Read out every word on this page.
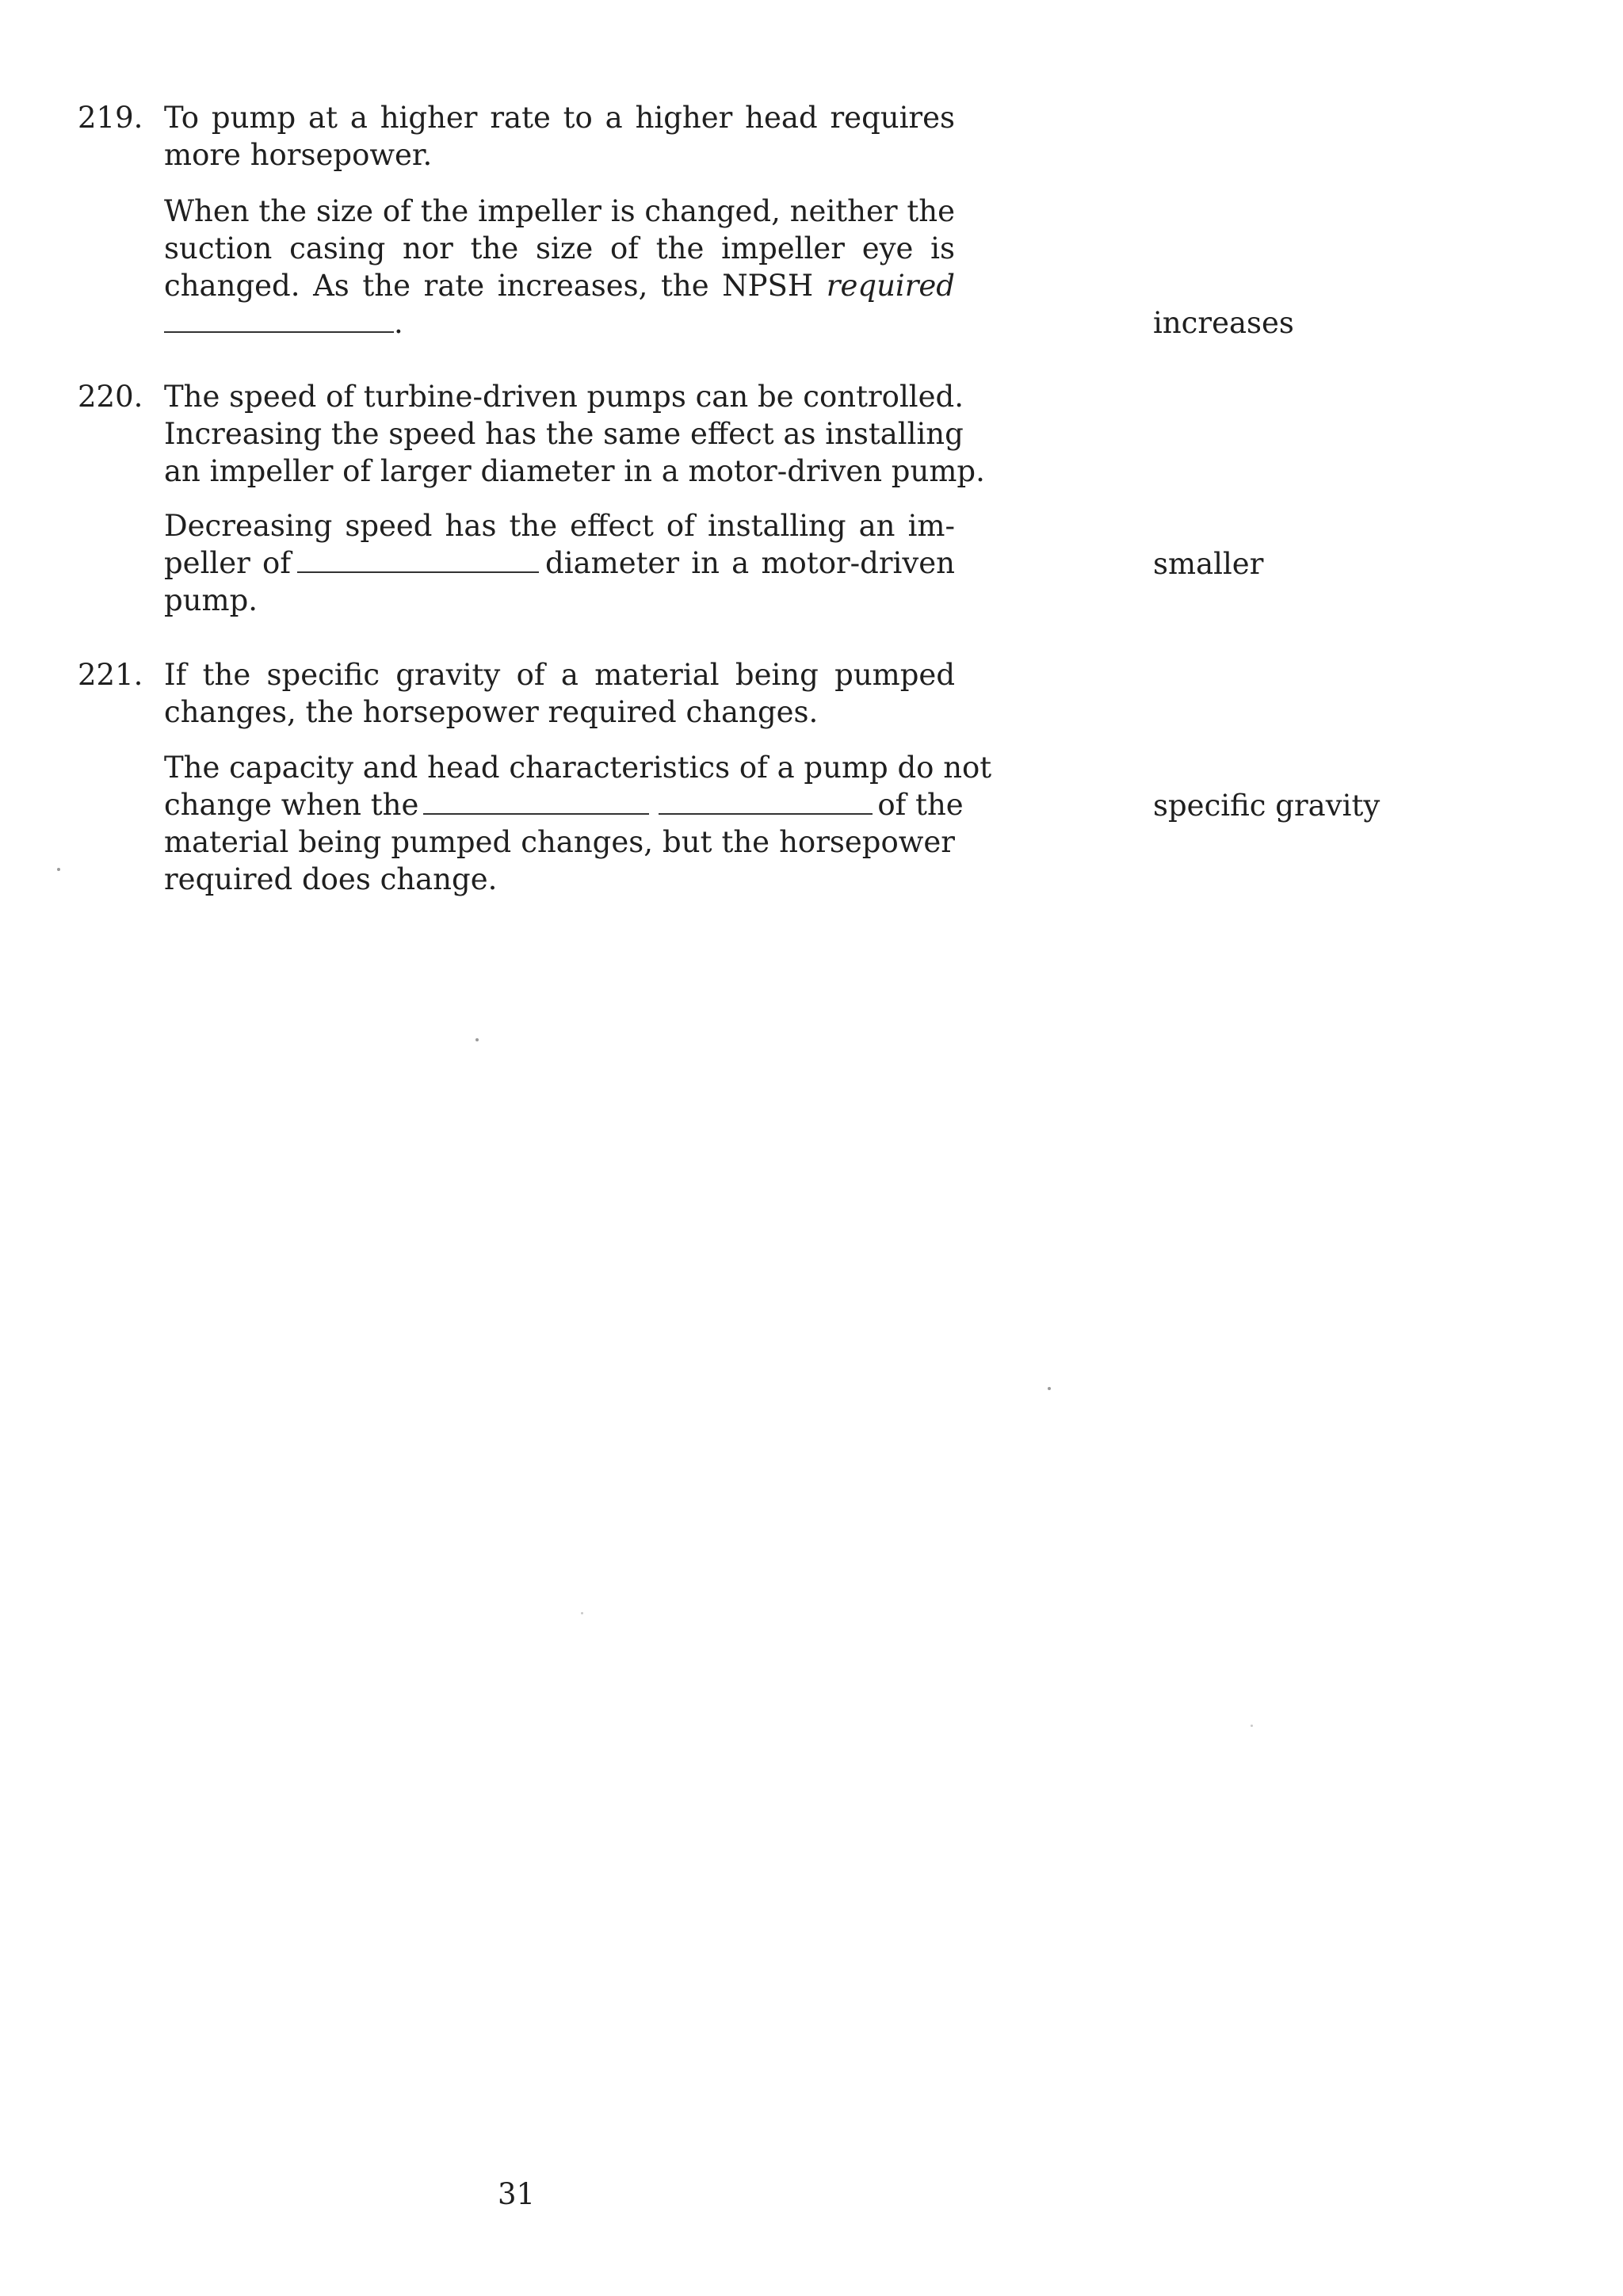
219. To pump at a higher rate to a higher head requires
more horsepower.
When the size of the impeller is changed, neither the
suction casing nor the size of the impeller eye is
changed. As the rate increases, the NPSH required
.	increases
220. The speed of turbine-driven pumps can be controlled.
Increasing the speed has the same effect as installing
an impeller of larger diameter in a motor-driven pump.
Decreasing speed has the effect of installing an im-
peller of	diameter in a motor-driven
pump.
smaller
221. If the specific gravity of a material being pumped
changes, the horsepower required changes.
The capacity and head characteristics of a pump do not
change when the	of the
material being pumped changes, but the horsepower
required does change.
specific gravity
31
